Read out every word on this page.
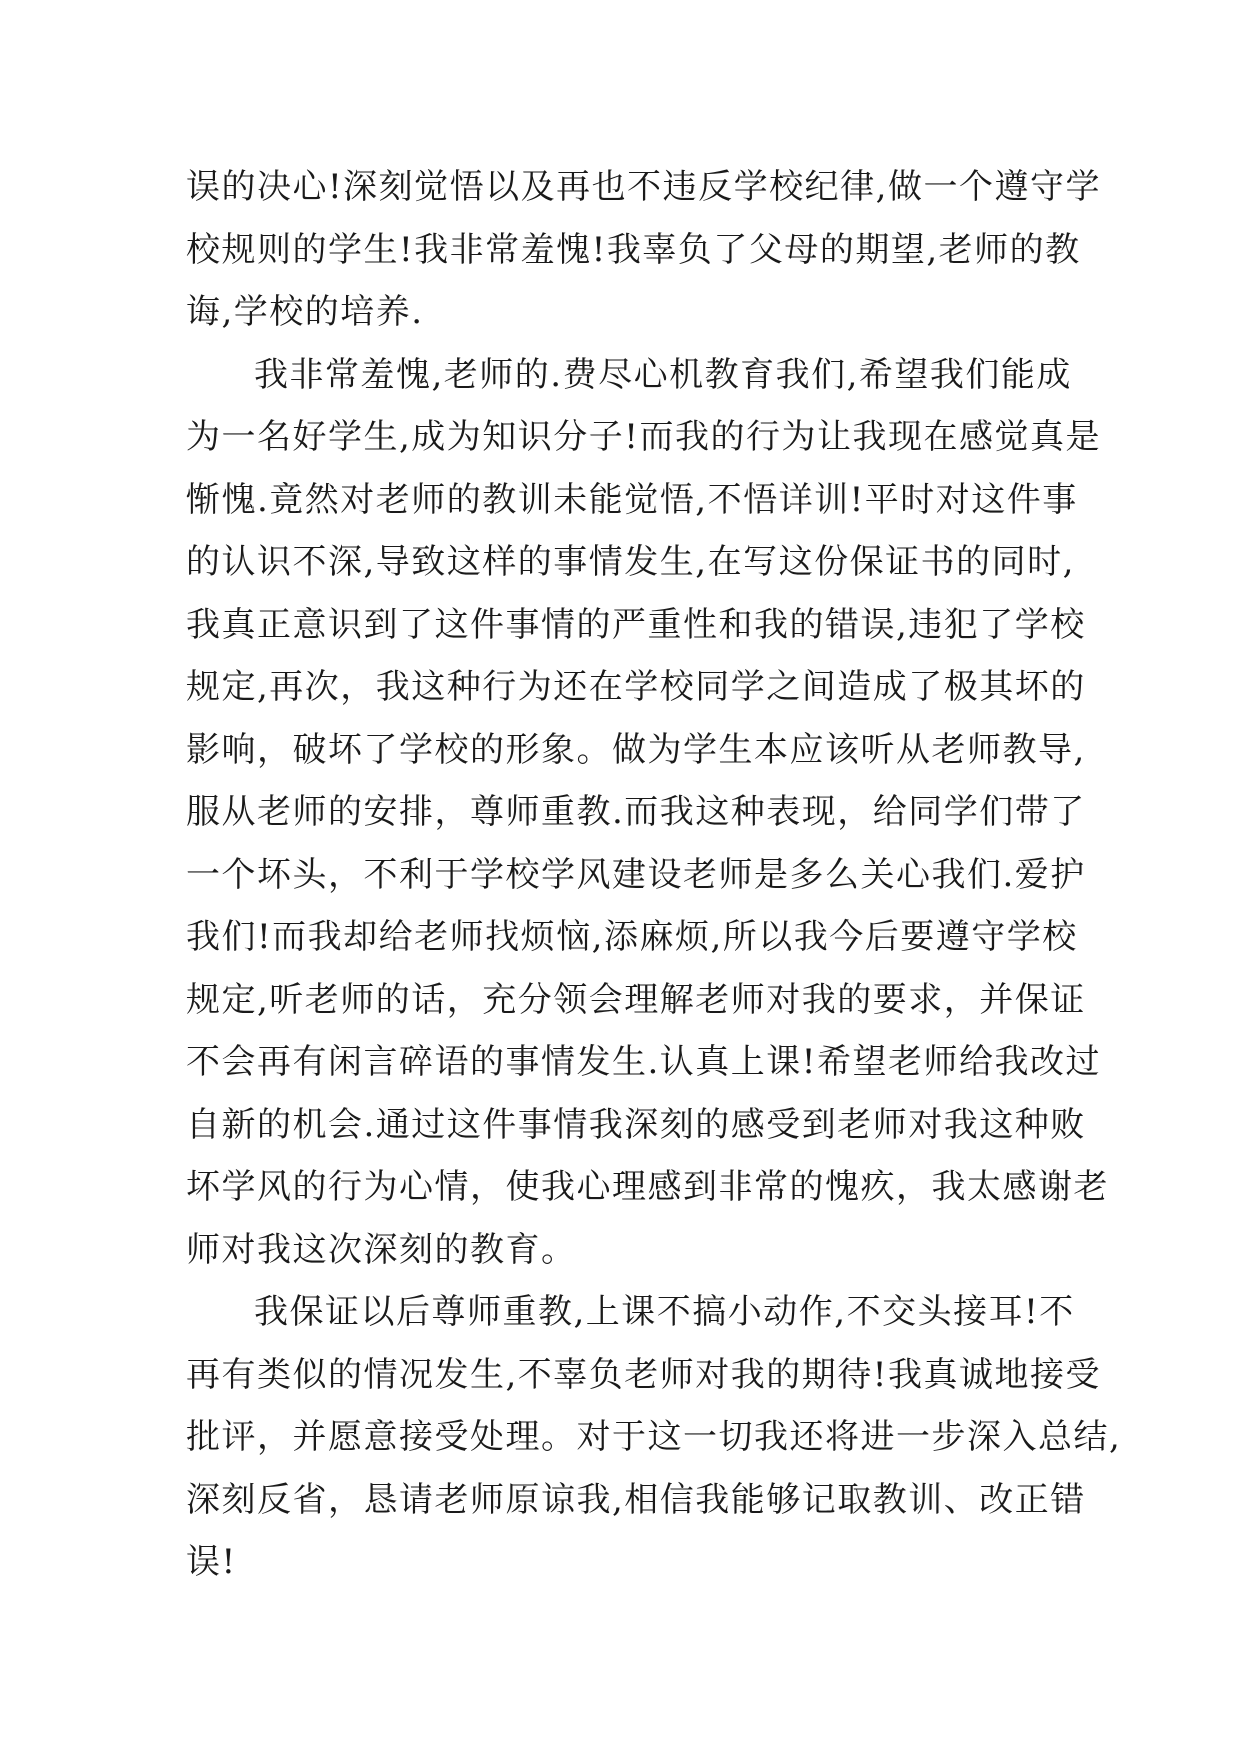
误的决心!深刻觉悟以及再也不违反学校纪律,做一个遵守学
校规则的学生!我非常羞愧!我辜负了父母的期望,老师的教
诲,学校的培养.
我非常羞愧,老师的.费尽心机教育我们,希望我们能成
为一名好学生,成为知识分子!而我的行为让我现在感觉真是
惭愧.竟然对老师的教训未能觉悟,不悟详训!平时对这件事
的认识不深,导致这样的事情发生,在写这份保证书的同时,
我真正意识到了这件事情的严重性和我的错误,违犯了学校
规定,再次，我这种行为还在学校同学之间造成了极其坏的
影响，破坏了学校的形象。做为学生本应该听从老师教导,
服从老师的安排，尊师重教.而我这种表现，给同学们带了
一个坏头，不利于学校学风建设老师是多么关心我们.爱护
我们!而我却给老师找烦恼,添麻烦,所以我今后要遵守学校
规定,听老师的话，充分领会理解老师对我的要求，并保证
不会再有闲言碎语的事情发生.认真上课!希望老师给我改过
自新的机会.通过这件事情我深刻的感受到老师对我这种败
坏学风的行为心情，使我心理感到非常的愧疚，我太感谢老
师对我这次深刻的教育。
我保证以后尊师重教,上课不搞小动作,不交头接耳!不
再有类似的情况发生,不辜负老师对我的期待!我真诚地接受
批评，并愿意接受处理。对于这一切我还将进一步深入总结,
深刻反省，恳请老师原谅我,相信我能够记取教训、改正错
误!
